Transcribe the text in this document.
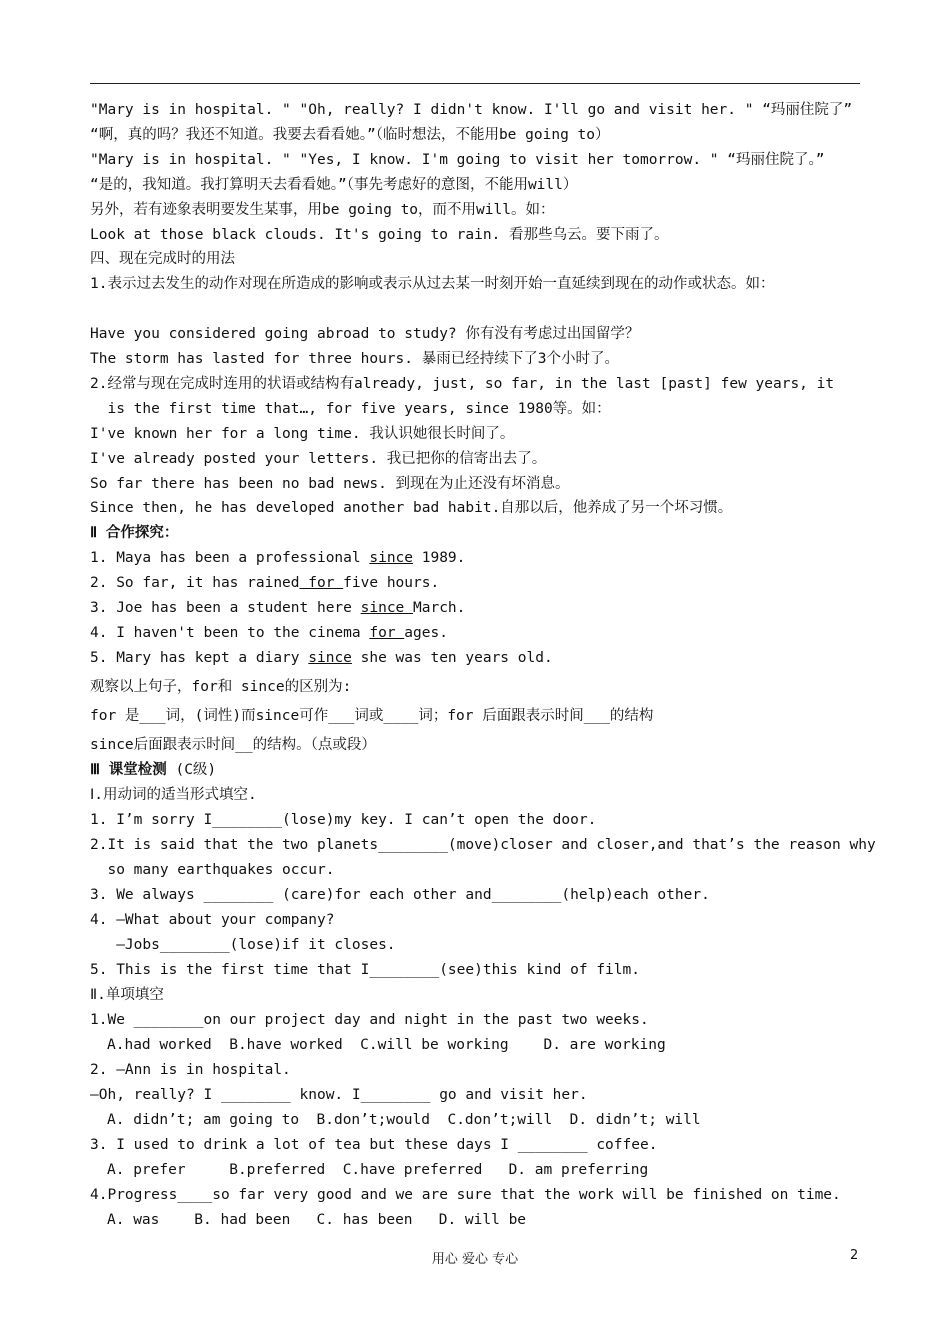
"Mary is in hospital. " "Oh, really? I didn't know. I'll go and visit her. " “玛丽住院了”
“啊，真的吗？我还不知道。我要去看看她。”（临时想法，不能用be going to）
"Mary is in hospital. " "Yes, I know. I'm going to visit her tomorrow. " “玛丽住院了。”
“是的，我知道。我打算明天去看看她。”（事先考虑好的意图，不能用will）
另外，若有迹象表明要发生某事，用be going to，而不用will。如：
Look at those black clouds. It's going to rain. 看那些乌云。要下雨了。
四、现在完成时的用法
1.表示过去发生的动作对现在所造成的影响或表示从过去某一时刻开始一直延续到现在的动作或状态。如：
Have you considered going abroad to study? 你有没有考虑过出国留学？
The storm has lasted for three hours. 暴雨已经持续下了3个小时了。
2.经常与现在完成时连用的状语或结构有already, just, so far, in the last [past] few years, it
is the first time that…, for five years, since 1980等。如：
I've known her for a long time. 我认识她很长时间了。
I've already posted your letters. 我已把你的信寄出去了。
So far there has been no bad news. 到现在为止还没有坏消息。
Since then, he has developed another bad habit.自那以后，他养成了另一个坏习惯。
Ⅱ 合作探究：
1. Maya has been a professional since 1989.
2. So far, it has rained for five hours.
3. Joe has been a student here since March.
4. I haven't been to the cinema for ages.
5. Mary has kept a diary since she was ten years old.
观察以上句子，for和 since的区别为:
for 是___词，(词性)而since可作___词或____词；for 后面跟表示时间___的结构
since后面跟表示时间__的结构。（点或段）
Ⅲ 课堂检测 (C级)
Ⅰ.用动词的适当形式填空.
1. I’m sorry I________(lose)my key. I can’t open the door.
2.It is said that the two planets________(move)closer and closer,and that’s the reason why
so many earthquakes occur.
3. We always ________ (care)for each other and________(help)each other.
4. —What about your company?
—Jobs________(lose)if it closes.
5. This is the first time that I________(see)this kind of film.
Ⅱ.单项填空
1.We ________on our project day and night in the past two weeks.
A.had worked  B.have worked  C.will be working    D. are working
2. —Ann is in hospital.
—Oh, really? I ________ know. I________ go and visit her.
A. didn’t; am going to  B.don’t;would  C.don’t;will  D. didn’t; will
3. I used to drink a lot of tea but these days I ________ coffee.
A. prefer     B.preferred  C.have preferred   D. am preferring
4.Progress____so far very good and we are sure that the work will be finished on time.
A. was    B. had been   C. has been   D. will be
用心 爱心 专心	2
